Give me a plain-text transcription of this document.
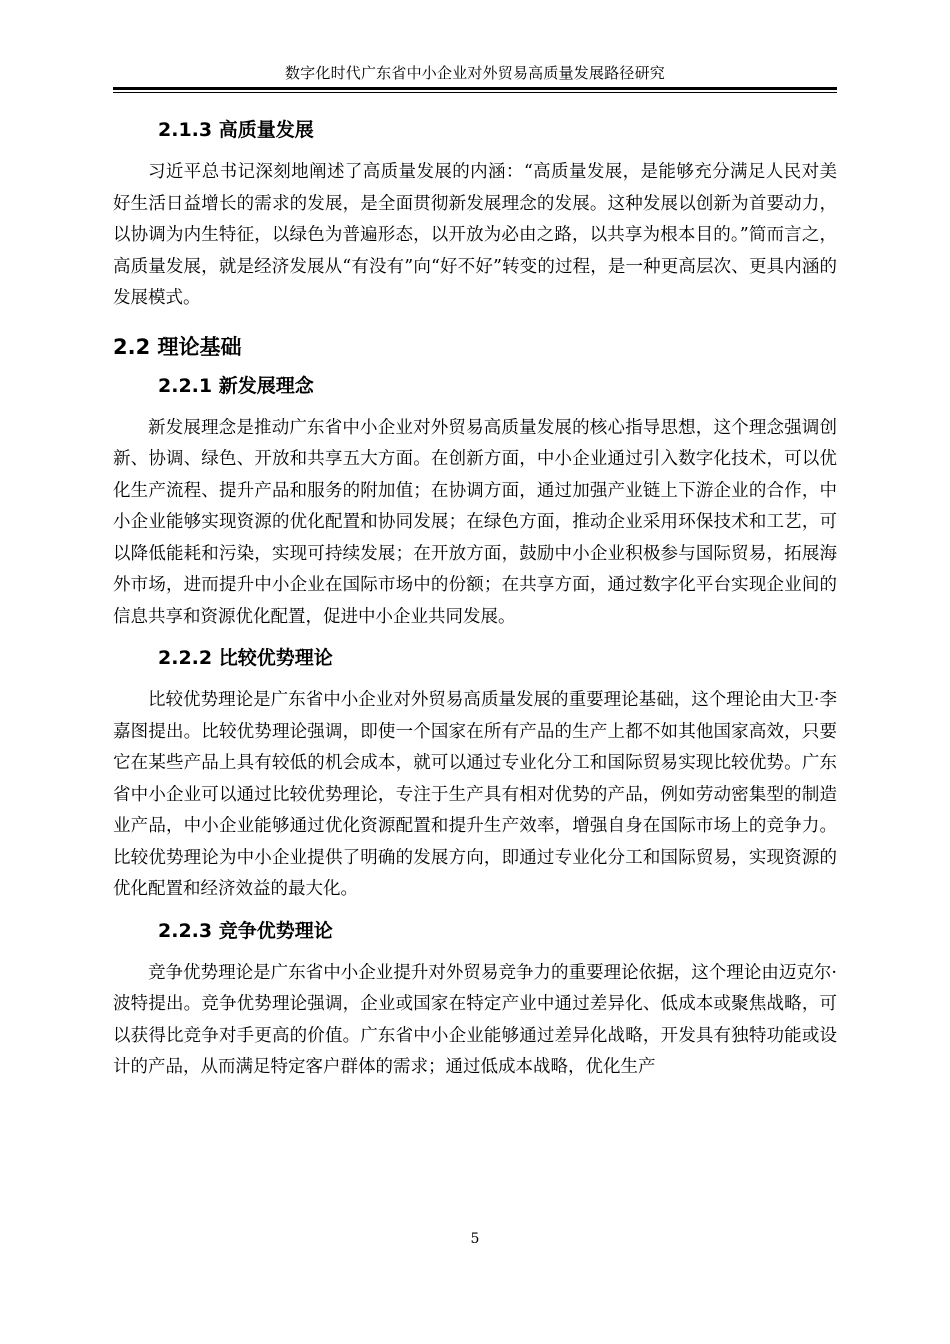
数字化时代广东省中小企业对外贸易高质量发展路径研究
2.1.3 高质量发展

习近平总书记深刻地阐述了高质量发展的内涵：“高质量发展，是能够充分满足人民对美好生活日益增长的需求的发展，是全面贯彻新发展理念的发展。这种发展以创新为首要动力，以协调为内生特征，以绿色为普遍形态，以开放为必由之路，以共享为根本目的。”简而言之，高质量发展，就是经济发展从“有没有”向“好不好”转变的过程，是一种更高层次、更具内涵的发展模式。

2.2 理论基础
2.2.1 新发展理念

新发展理念是推动广东省中小企业对外贸易高质量发展的核心指导思想，这个理念强调创新、协调、绿色、开放和共享五大方面。在创新方面，中小企业通过引入数字化技术，可以优化生产流程、提升产品和服务的附加值；在协调方面，通过加强产业链上下游企业的合作，中小企业能够实现资源的优化配置和协同发展；在绿色方面，推动企业采用环保技术和工艺，可以降低能耗和污染，实现可持续发展；在开放方面，鼓励中小企业积极参与国际贸易，拓展海外市场，进而提升中小企业在国际市场中的份额；在共享方面，通过数字化平台实现企业间的信息共享和资源优化配置，促进中小企业共同发展。

2.2.2 比较优势理论

比较优势理论是广东省中小企业对外贸易高质量发展的重要理论基础，这个理论由大卫·李嘉图提出。比较优势理论强调，即使一个国家在所有产品的生产上都不如其他国家高效，只要它在某些产品上具有较低的机会成本，就可以通过专业化分工和国际贸易实现比较优势。广东省中小企业可以通过比较优势理论，专注于生产具有相对优势的产品，例如劳动密集型的制造业产品，中小企业能够通过优化资源配置和提升生产效率，增强自身在国际市场上的竞争力。比较优势理论为中小企业提供了明确的发展方向，即通过专业化分工和国际贸易，实现资源的优化配置和经济效益的最大化。

2.2.3 竞争优势理论

竞争优势理论是广东省中小企业提升对外贸易竞争力的重要理论依据，这个理论由迈克尔·波特提出。竞争优势理论强调，企业或国家在特定产业中通过差异化、低成本或聚焦战略，可以获得比竞争对手更高的价值。广东省中小企业能够通过差异化战略，开发具有独特功能或设计的产品，从而满足特定客户群体的需求；通过低成本战略，优化生产

5
